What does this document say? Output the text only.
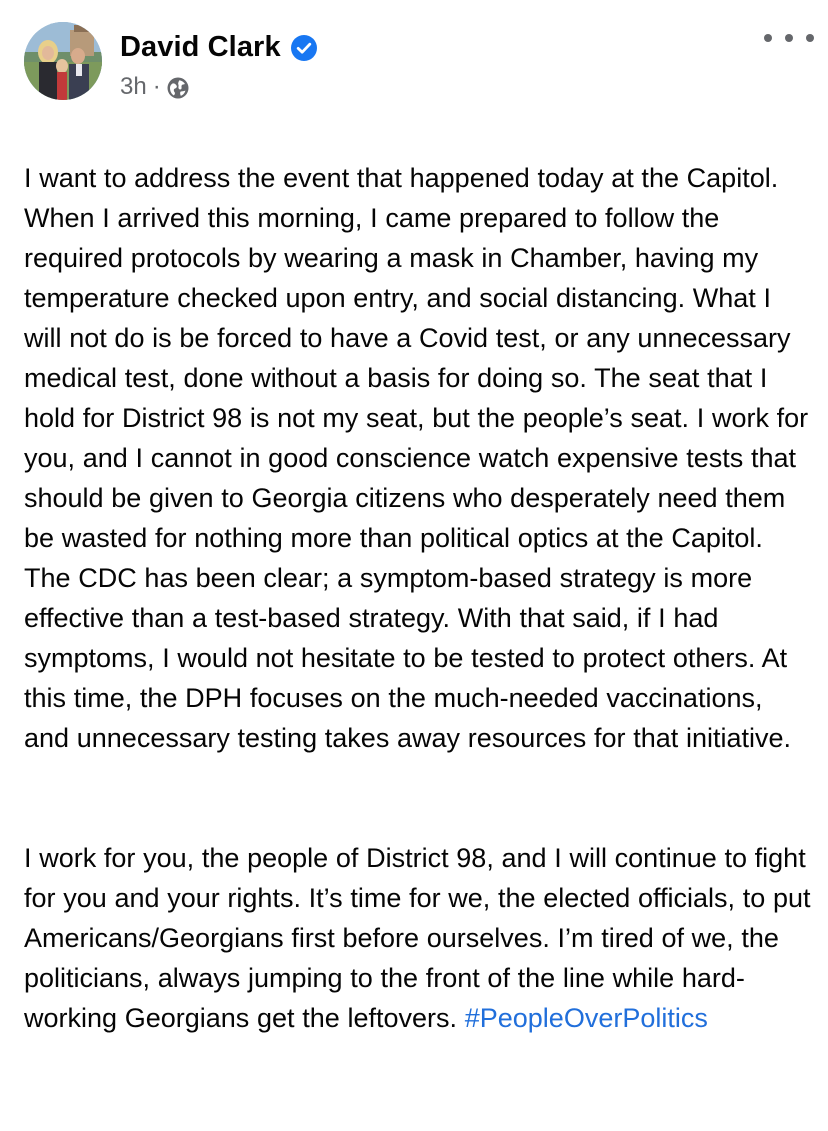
David Clark
3h ·

I want to address the event that happened today at the Capitol. When I arrived this morning, I came prepared to follow the required protocols by wearing a mask in Chamber, having my temperature checked upon entry, and social distancing. What I will not do is be forced to have a Covid test, or any unnecessary medical test, done without a basis for doing so. The seat that I hold for District 98 is not my seat, but the people’s seat. I work for you, and I cannot in good conscience watch expensive tests that should be given to Georgia citizens who desperately need them be wasted for nothing more than political optics at the Capitol. The CDC has been clear; a symptom-based strategy is more effective than a test-based strategy. With that said, if I had symptoms, I would not hesitate to be tested to protect others. At this time, the DPH focuses on the much-needed vaccinations, and unnecessary testing takes away resources for that initiative.

I work for you, the people of District 98, and I will continue to fight for you and your rights. It’s time for we, the elected officials, to put Americans/Georgians first before ourselves. I’m tired of we, the politicians, always jumping to the front of the line while hard-working Georgians get the leftovers. #PeopleOverPolitics
